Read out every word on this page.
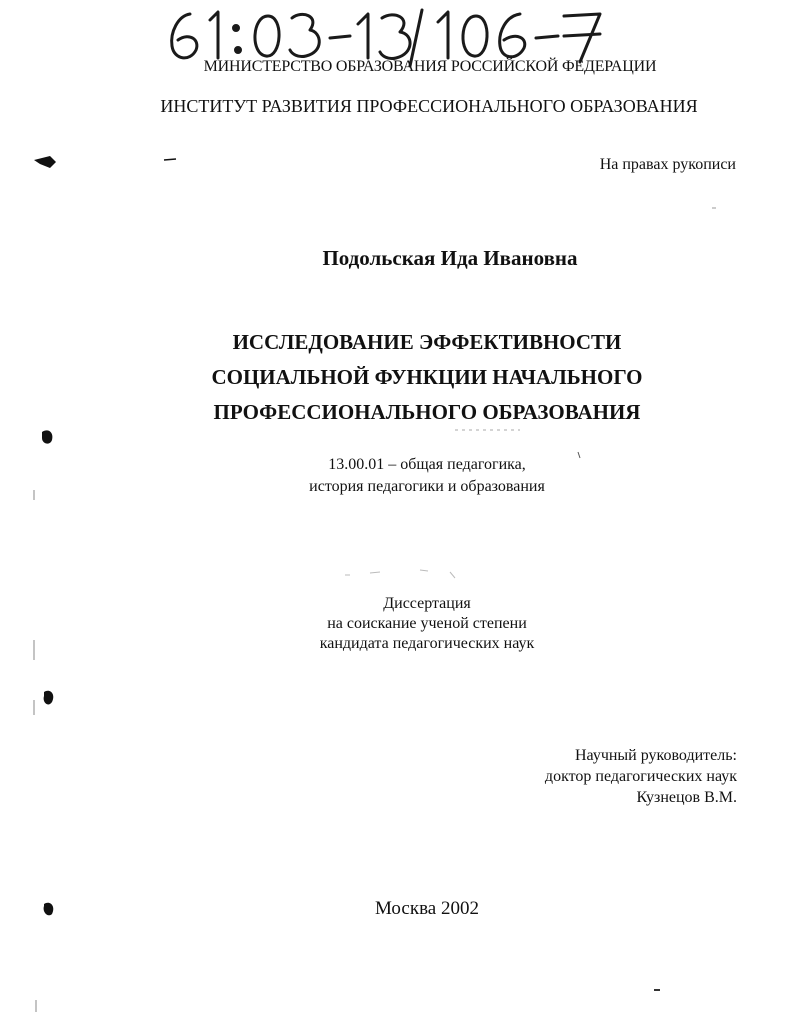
МИНИСТЕРСТВО ОБРАЗОВАНИЯ РОССИЙСКОЙ ФЕДЕРАЦИИ
ИНСТИТУТ РАЗВИТИЯ ПРОФЕССИОНАЛЬНОГО ОБРАЗОВАНИЯ
На правах рукописи
Подольская Ида Ивановна
ИССЛЕДОВАНИЕ ЭФФЕКТИВНОСТИ
СОЦИАЛЬНОЙ ФУНКЦИИ НАЧАЛЬНОГО
ПРОФЕССИОНАЛЬНОГО ОБРАЗОВАНИЯ
13.00.01 – общая педагогика,
история педагогики и образования
Диссертация
на соискание ученой степени
кандидата педагогических наук
Научный руководитель:
доктор педагогических наук
Кузнецов В.М.
Москва 2002
